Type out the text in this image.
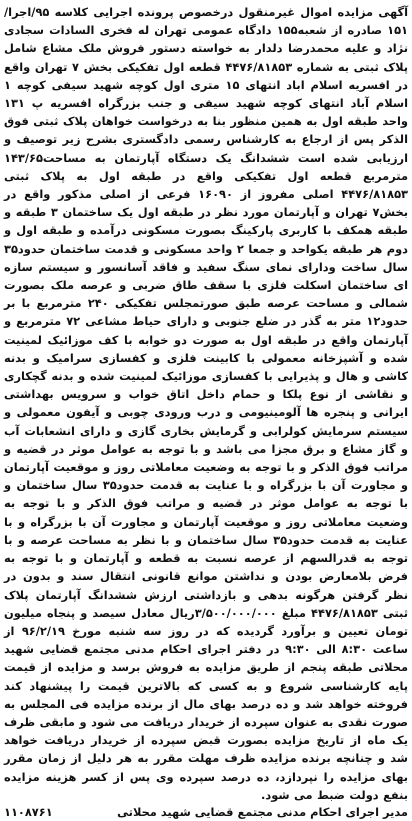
آگهی مزایده اموال غیرمنقول درخصوص پرونده اجرایی کلاسه ۹۵/اجرا/۱۵۱ صادره از شعبه۱۵۵ دادگاه عمومی تهران له فخری السادات سجادی نژاد و علیه محمدرضا دلدار به خواسته دستور فروش ملک مشاع شامل پلاک ثبتی به شماره ۴۴۷۶/۸۱۸۵۳ قطعه اول تفکیکی بخش ۷ تهران واقع در افسریه اسلام اباد انتهای ۱۵ متری اول کوچه شهید سیفی کوچه ۱ اسلام آباد انتهای کوچه شهید سیفی و جنب بزرگراه افسریه پ ۱۳۱ واحد طبقه اول به همین منظور بنا به درخواست خواهان پلاک ثبتی فوق الذکر پس از ارجاع به کارشناس رسمی دادگستری بشرح زیر توصیف و ارزیابی شده است ششدانگ یک دستگاه آپارتمان به مساحت۱۴۳/۶۵ مترمربع قطعه اول تفکیکی واقع در طبقه اول به پلاک ثبتی ۴۴۷۶/۸۱۸۵۳ اصلی مفروز از ۱۶۰۹۰ فرعی از اصلی مذکور واقع در بخش۷ تهران و آپارتمان مورد نظر در طبقه اول یک ساختمان ۳ طبقه و طبقه همکف با کاربری پارکینگ بصورت مسکونی درآمده و طبقه اول و دوم هر طبقه یکواحد و جمعا ۲ واحد مسکونی و قدمت ساختمان حدود۳۵ سال ساخت ودارای نمای سنگ سفید و فاقد آسانسور و سیستم سازه ای ساختمان اسکلت فلزی با سقف طاق ضربی و عرصه ملک بصورت شمالی و مساحت عرصه طبق صورتمجلس تفکیکی ۲۴۰ مترمربع با بر حدود۱۲ متر به گذر در ضلع جنوبی و دارای حیاط مشاعی ۷۲ مترمربع و آپارتمان واقع در طبقه اول به صورت دو خوابه با کف موزائیک لمینیت شده و آشپزخانه معمولی با کابینت فلزی و کفسازی سرامیک و بدنه کاشی و هال و پذیرایی با کفسازی موزائیک لمینیت شده و بدنه گچکاری و نقاشی از نوع پلکا و حمام داخل اتاق خواب و سرویس بهداشتی ایرانی و پنجره ها آلومینیومی و درب ورودی چوبی و آیفون معمولی و سیستم سرمایش کولرابی و گرمایش بخاری گازی و دارای انشعابات آب و گاز مشاع و برق مجزا می باشد و با توجه به عوامل موثر در قضیه و مراتب فوق الذکر و با توجه به وضعیت معاملاتی روز و موقعیت آپارتمان و مجاورت آن با بزرگراه و با عنایت به قدمت حدود۳۵ سال ساختمان و با توجه به عوامل موثر در قضیه و مراتب فوق الذکر و با توجه به وضعیت معاملاتی روز و موقعیت آپارتمان و مجاورت آن با بزرگراه و با عنایت به قدمت حدود۳۵ سال ساختمان و با نظر به مساحت عرصه و با توجه به قدرالسهم از عرصه نسبت به قطعه و آپارتمان و با توجه به فرض بلامعارض بودن و نداشتن موانع قانونی انتقال سند و بدون در نظر گرفتن هرگونه بدهی و بازداشتی ارزش ششدانگ آپارتمان پلاک ثبتی ۴۴۷۶/۸۱۸۵۳ مبلغ ۳/۵۰۰/۰۰۰/۰۰۰ریال معادل سیصد و پنجاه میلیون تومان تعیین و برآورد گردیده که در روز سه شنبه مورخ ۹۶/۲/۱۹ از ساعت ۸:۳۰ الی ۹:۳۰ در دفتر اجرای احکام مدنی مجتمع قضایی شهید محلاتی طبقه پنجم از طریق مزایده به فروش برسد و مزایده از قیمت پایه کارشناسی شروع و به کسی که بالاترین قیمت را پیشنهاد کند فروخته خواهد شد و ده درصد بهای مال از برنده مزایده فی المجلس به صورت نقدی به عنوان سپرده از خریدار دریافت می شود و مابقی ظرف یک ماه از تاریخ مزایده بصورت قبض سپرده از خریدار دریافت خواهد شد و چنانچه برنده مزایده ظرف مهلت مقرر به هر دلیل از زمان مقرر بهای مزایده را نپردازد، ده درصد سپرده وی پس از کسر هزینه مزایده بنفع دولت ضبط می شود.

مدیر اجرای احکام مدنی مجتمع قضایی شهید محلاتی
۱۱۰۸۷۶۱
